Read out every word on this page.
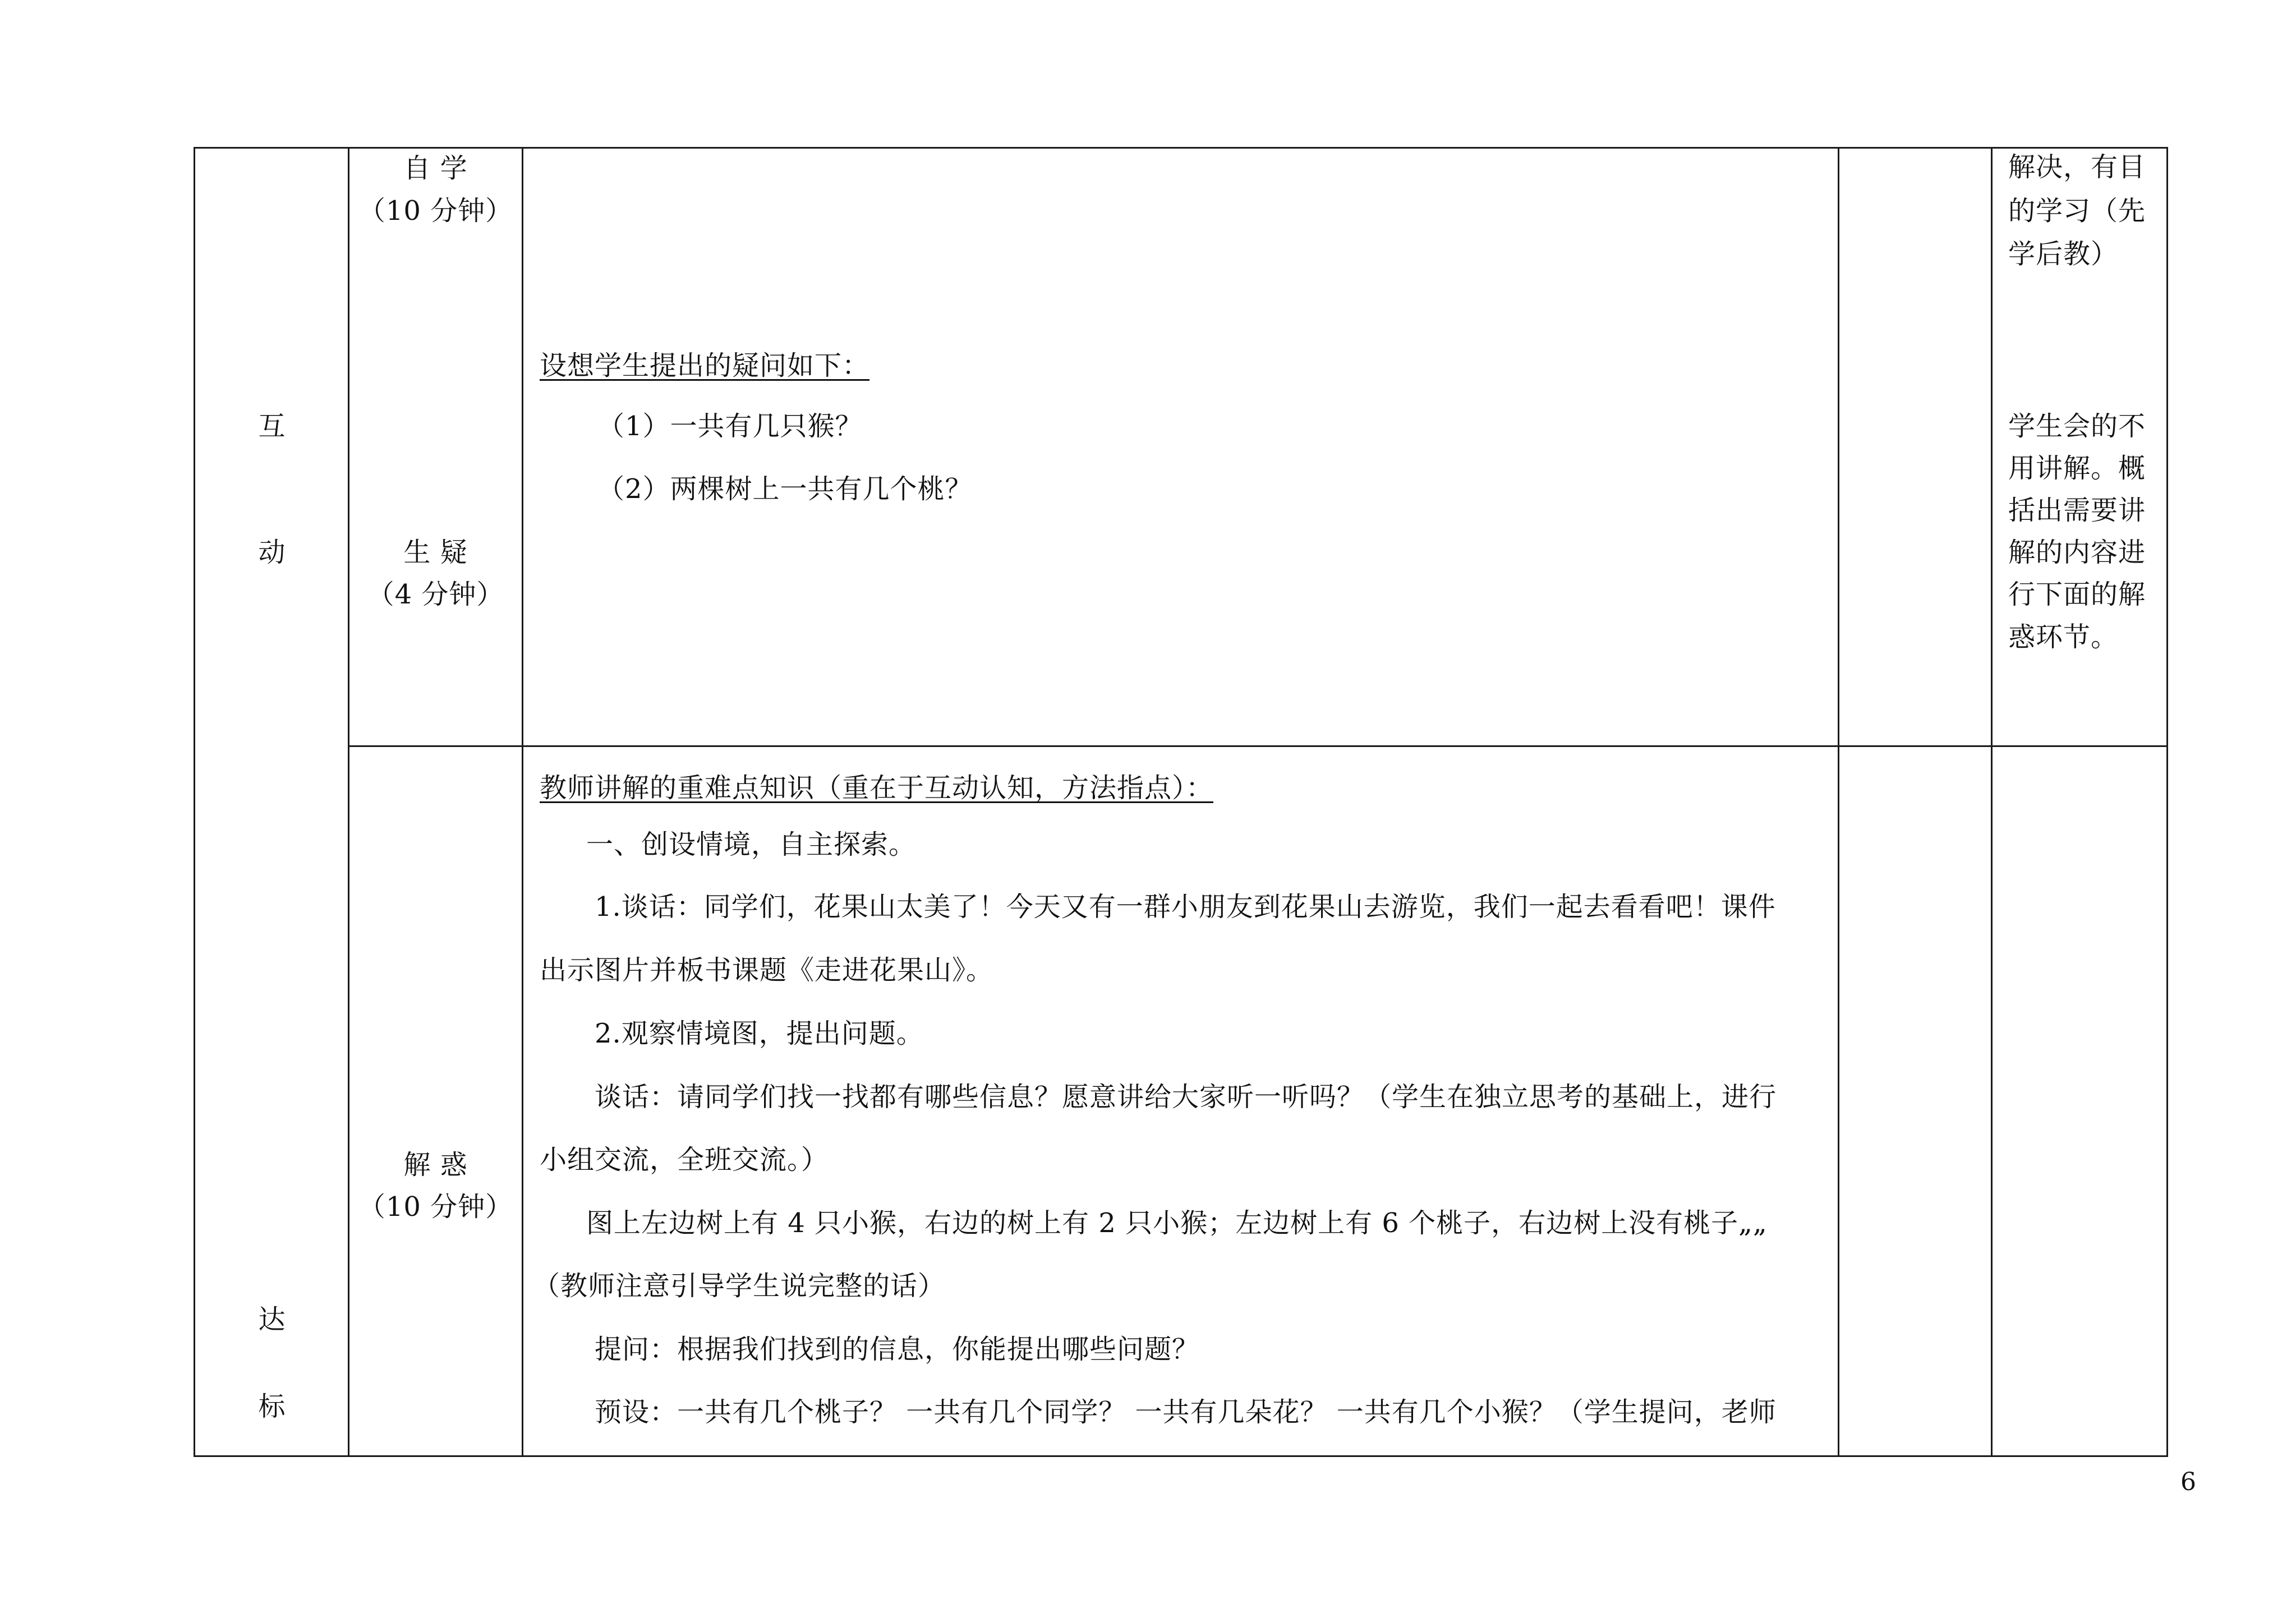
互
动
达
标
自 学
（10 分钟）
生 疑
（4 分钟）
解 惑
（10 分钟）
设想学生提出的疑问如下：
（1）一共有几只猴？
（2）两棵树上一共有几个桃？
教师讲解的重难点知识（重在于互动认知，方法指点）：
一、创设情境，自主探索。
1.谈话：同学们，花果山太美了！今天又有一群小朋友到花果山去游览，我们一起去看看吧！课件
出示图片并板书课题《走进花果山》。
2.观察情境图，提出问题。
谈话：请同学们找一找都有哪些信息？愿意讲给大家听一听吗？（学生在独立思考的基础上，进行
小组交流，全班交流。）
图上左边树上有 4 只小猴，右边的树上有 2 只小猴；左边树上有 6 个桃子，右边树上没有桃子„„
（教师注意引导学生说完整的话）
提问：根据我们找到的信息，你能提出哪些问题？
预设：一共有几个桃子？ 一共有几个同学？ 一共有几朵花？ 一共有几个小猴？（学生提问，老师
解决，有目
的学习（先
学后教）
学生会的不
用讲解。概
括出需要讲
解的内容进
行下面的解
惑环节。
6
